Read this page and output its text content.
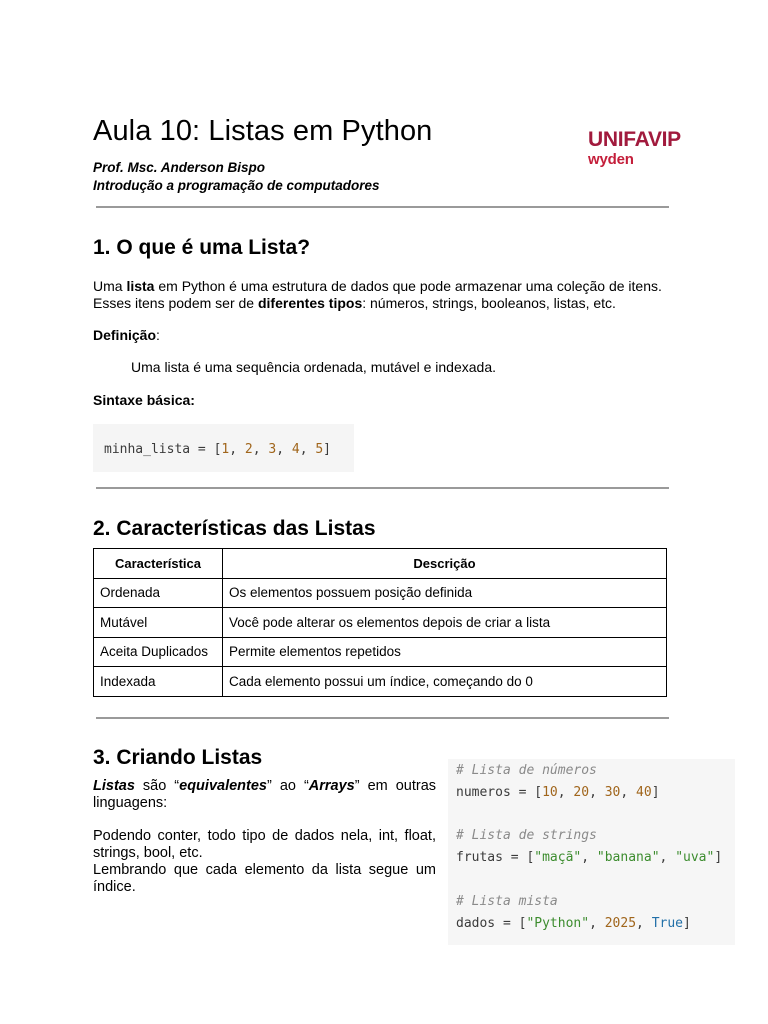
Aula 10: Listas em Python
Prof. Msc. Anderson Bispo
Introdução a programação de computadores
UNIFAVIP
wyden
1. O que é uma Lista?
Uma lista em Python é uma estrutura de dados que pode armazenar uma coleção de itens.
Esses itens podem ser de diferentes tipos: números, strings, booleanos, listas, etc.
Definição:
Uma lista é uma sequência ordenada, mutável e indexada.
Sintaxe básica:
minha_lista = [1, 2, 3, 4, 5]
2. Características das Listas
Característica	Descrição
Ordenada	Os elementos possuem posição definida
Mutável	Você pode alterar os elementos depois de criar a lista
Aceita Duplicados	Permite elementos repetidos
Indexada	Cada elemento possui um índice, começando do 0
3. Criando Listas
Listas são “equivalentes” ao “Arrays” em outras linguagens:
Podendo conter, todo tipo de dados nela, int, float, strings, bool, etc.
Lembrando que cada elemento da lista segue um índice.
# Lista de números
numeros = [10, 20, 30, 40]
# Lista de strings
frutas = ["maçã", "banana", "uva"]
# Lista mista
dados = ["Python", 2025, True]
